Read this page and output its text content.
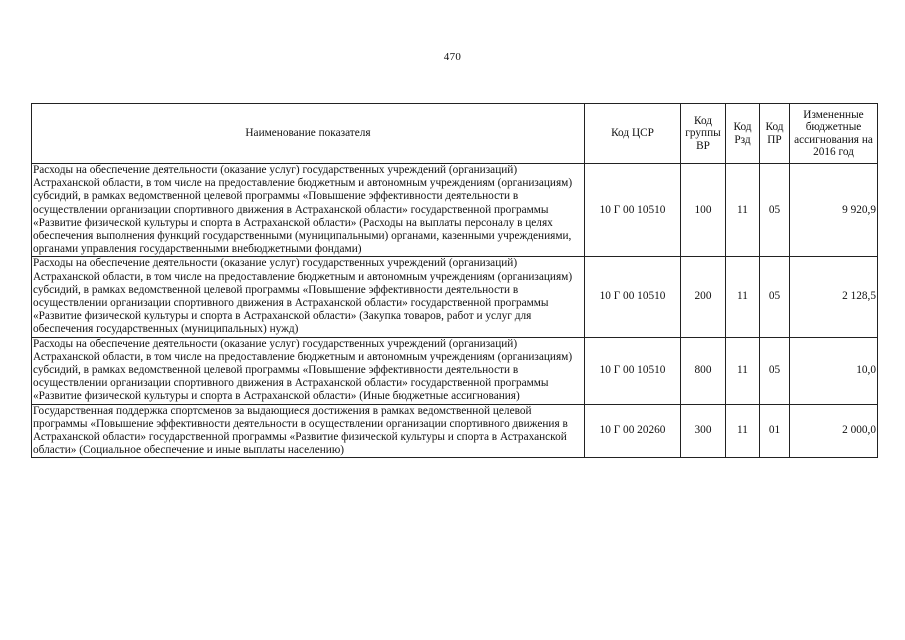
470
Наименование показателя	Код ЦСР	Код группы ВР	Код Рзд	Код ПР	Измененные бюджетные ассигнования на 2016 год
Расходы на обеспечение деятельности (оказание услуг) государственных учреждений (организаций) Астраханской области, в том числе на предоставление бюджетным и автономным учреждениям (организациям) субсидий, в рамках ведомственной целевой программы «Повышение эффективности деятельности в осуществлении организации спортивного движения в Астраханской области» государственной программы «Развитие физической культуры и спорта в Астраханской области» (Расходы на выплаты персоналу в целях обеспечения выполнения функций государственными (муниципальными) органами, казенными учреждениями, органами управления государственными внебюджетными фондами)	10 Г 00 10510	100	11	05	9 920,9
Расходы на обеспечение деятельности (оказание услуг) государственных учреждений (организаций) Астраханской области, в том числе на предоставление бюджетным и автономным учреждениям (организациям) субсидий, в рамках ведомственной целевой программы «Повышение эффективности деятельности в осуществлении организации спортивного движения в Астраханской области» государственной программы «Развитие физической культуры и спорта в Астраханской области» (Закупка товаров, работ и услуг для обеспечения государственных (муниципальных) нужд)	10 Г 00 10510	200	11	05	2 128,5
Расходы на обеспечение деятельности (оказание услуг) государственных учреждений (организаций) Астраханской области, в том числе на предоставление бюджетным и автономным учреждениям (организациям) субсидий, в рамках ведомственной целевой программы «Повышение эффективности деятельности в осуществлении организации спортивного движения в Астраханской области» государственной программы «Развитие физической культуры и спорта в Астраханской области» (Иные бюджетные ассигнования)	10 Г 00 10510	800	11	05	10,0
Государственная поддержка спортсменов за выдающиеся достижения в рамках ведомственной целевой программы «Повышение эффективности деятельности в осуществлении организации спортивного движения в Астраханской области» государственной программы «Развитие физической культуры и спорта в Астраханской области» (Социальное обеспечение и иные выплаты населению)	10 Г 00 20260	300	11	01	2 000,0
